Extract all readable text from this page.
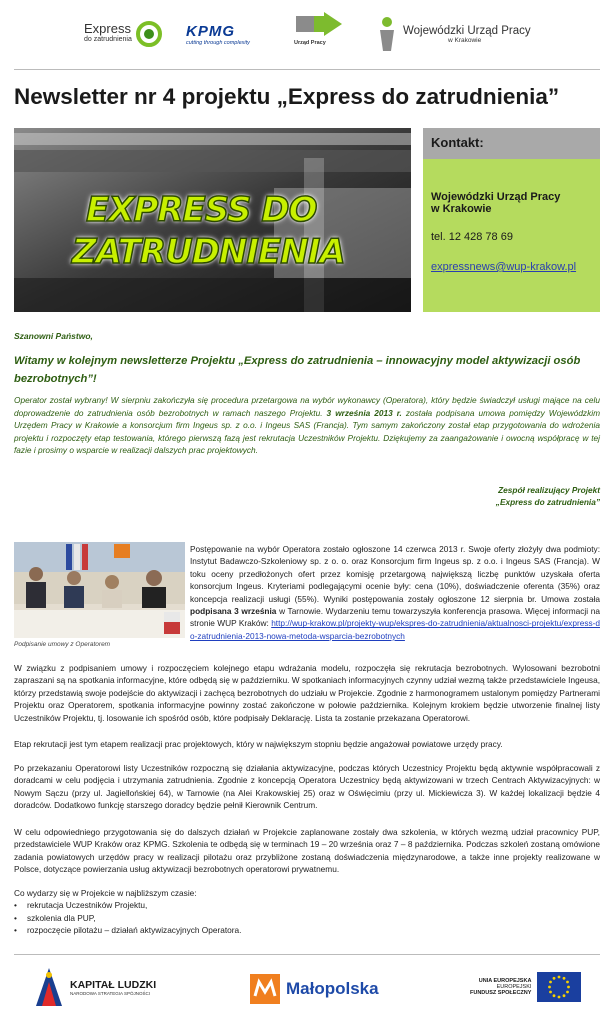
Express
do zatrudnienia	KPMG
cutting through complexity	Urząd Pracy
Wojewódzki Urząd Pracy
w Krakowie
Newsletter nr 4 projektu „Express do zatrudnienia”
EXPRESS DO
ZATRUDNIENIA
Kontakt:

Wojewódzki Urząd Pracy

w Krakowie

tel. 12 428 78 69

expressnews@wup-krakow.pl

Szanowni Państwo,
Witamy w kolejnym newsletterze Projektu „Express do zatrudnienia – innowacyjny model aktywizacji osób bezrobotnych”!
Operator został wybrany! W sierpniu zakończyła się procedura przetargowa na wybór wykonawcy (Operatora), który będzie świadczył usługi mające na celu doprowadzenie do zatrudnienia osób bezrobotnych w ramach naszego Projektu. 3 września 2013 r. została podpisana umowa pomiędzy Wojewódzkim Urzędem Pracy w Krakowie a konsorcjum firm Ingeus sp. z o.o. i Ingeus SAS (Francja). Tym samym zakończony został etap przygotowania do wdrożenia projektu i rozpoczęty etap testowania, którego pierwszą fazą jest rekrutacja Uczestników Projektu. Dziękujemy za zaangażowanie i owocną współpracę w tej fazie i prosimy o wsparcie w realizacji dalszych prac projektowych.
Zespół realizujący Projekt
„Express do zatrudnienia”
Podpisanie umowy z Operatorem
Postępowanie na wybór Operatora zostało ogłoszone 14 czerwca 2013 r. Swoje oferty złożyły dwa podmioty: Instytut Badawczo-Szkoleniowy sp. z o. o. oraz Konsorcjum firm Ingeus sp. z o.o. i Ingeus SAS (Francja). W toku oceny przedłożonych ofert przez komisję przetargową największą liczbę punktów uzyskała oferta konsorcjum Ingeus. Kryteriami podlegającymi ocenie były: cena (10%), doświadczenie oferenta (35%) oraz koncepcja realizacji usługi (55%). Wyniki postępowania zostały ogłoszone 12 sierpnia br. Umowa została podpisana 3 września w Tarnowie. Wydarzeniu temu towarzyszyła konferencja prasowa. Więcej informacji na stronie WUP Kraków: http://wup-krakow.pl/projekty-wup/ekspres-do-zatrudnienia/aktualnosci-projektu/express-do-zatrudnienia-2013-nowa-metoda-wsparcia-bezrobotnych
W związku z podpisaniem umowy i rozpoczęciem kolejnego etapu wdrażania modelu, rozpoczęła się rekrutacja bezrobotnych. Wylosowani bezrobotni zapraszani są na spotkania informacyjne, które odbędą się w październiku. W spotkaniach informacyjnych czynny udział wezmą także przedstawiciele Ingeusa, którzy przedstawią swoje podejście do aktywizacji i zachęcą bezrobotnych do udziału w Projekcie. Zgodnie z harmonogramem ustalonym pomiędzy Partnerami Projektu oraz Operatorem, spotkania informacyjne powinny zostać zakończone w połowie października. Kolejnym krokiem będzie utworzenie finalnej listy Uczestników Projektu, tj. losowanie ich spośród osób, które podpisały Deklarację. Lista ta zostanie przekazana Operatorowi.
Etap rekrutacji jest tym etapem realizacji prac projektowych, który w największym stopniu będzie angażował powiatowe urzędy pracy.
Po przekazaniu Operatorowi listy Uczestników rozpoczną się działania aktywizacyjne, podczas których Uczestnicy Projektu będą aktywnie współpracowali z doradcami w celu podjęcia i utrzymania zatrudnienia. Zgodnie z koncepcją Operatora Uczestnicy będą aktywizowani w trzech Centrach Aktywizacyjnych: w Nowym Sączu (przy ul. Jagiellońskiej 64), w Tarnowie (na Alei Krakowskiej 25) oraz w Oświęcimiu (przy ul. Mickiewicza 3). W każdej lokalizacji będzie 4 doradców. Dodatkowo funkcję starszego doradcy będzie pełnił Kierownik Centrum.
W celu odpowiedniego przygotowania się do dalszych działań w Projekcie zaplanowane zostały dwa szkolenia, w których wezmą udział pracownicy PUP, przedstawiciele WUP Kraków oraz KPMG. Szkolenia te odbędą się w terminach 19 – 20 września oraz 7 – 8 października. Podczas szkoleń zostaną omówione zadania powiatowych urzędów pracy w realizacji pilotażu oraz przybliżone zostaną doświadczenia międzynarodowe, a także inne projekty realizowane w Polsce, dotyczące powierzania usług aktywizacji bezrobotnych operatorowi prywatnemu.
Co wydarzy się w Projekcie w najbliższym czasie:
• rekrutacja Uczestników Projektu,
• szkolenia dla PUP,
• rozpoczęcie pilotażu – działań aktywizacyjnych Operatora.
KAPITAŁ LUDZKI
NARODOWA STRATEGIA SPÓJNOŚCI	Małopolska	UNIA EUROPEJSKA
EUROPEJSKI
FUNDUSZ SPOŁECZNY
